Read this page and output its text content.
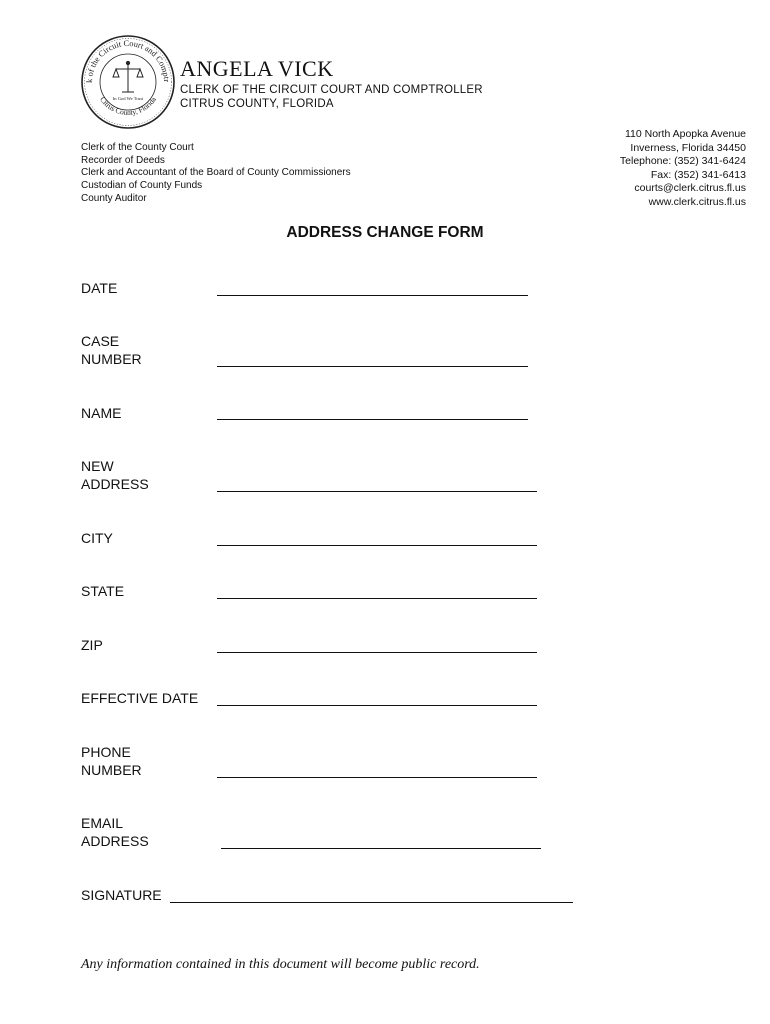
k of the Circuit Court and Comptr
Citrus County, Florida
In God We Trust
ANGELA VICK
CLERK OF THE CIRCUIT COURT AND COMPTROLLER
CITRUS COUNTY, FLORIDA
Clerk of the County Court
Recorder of Deeds
Clerk and Accountant of the Board of County Commissioners
Custodian of County Funds
County Auditor
110 North Apopka Avenue
Inverness, Florida 34450
Telephone: (352) 341-6424
Fax: (352) 341-6413
courts@clerk.citrus.fl.us
www.clerk.citrus.fl.us
ADDRESS CHANGE FORM
DATE
CASE
NUMBER
NAME
NEW
ADDRESS
CITY
STATE
ZIP
EFFECTIVE DATE
PHONE
NUMBER
EMAIL
ADDRESS
SIGNATURE
Any information contained in this document will become public record.
